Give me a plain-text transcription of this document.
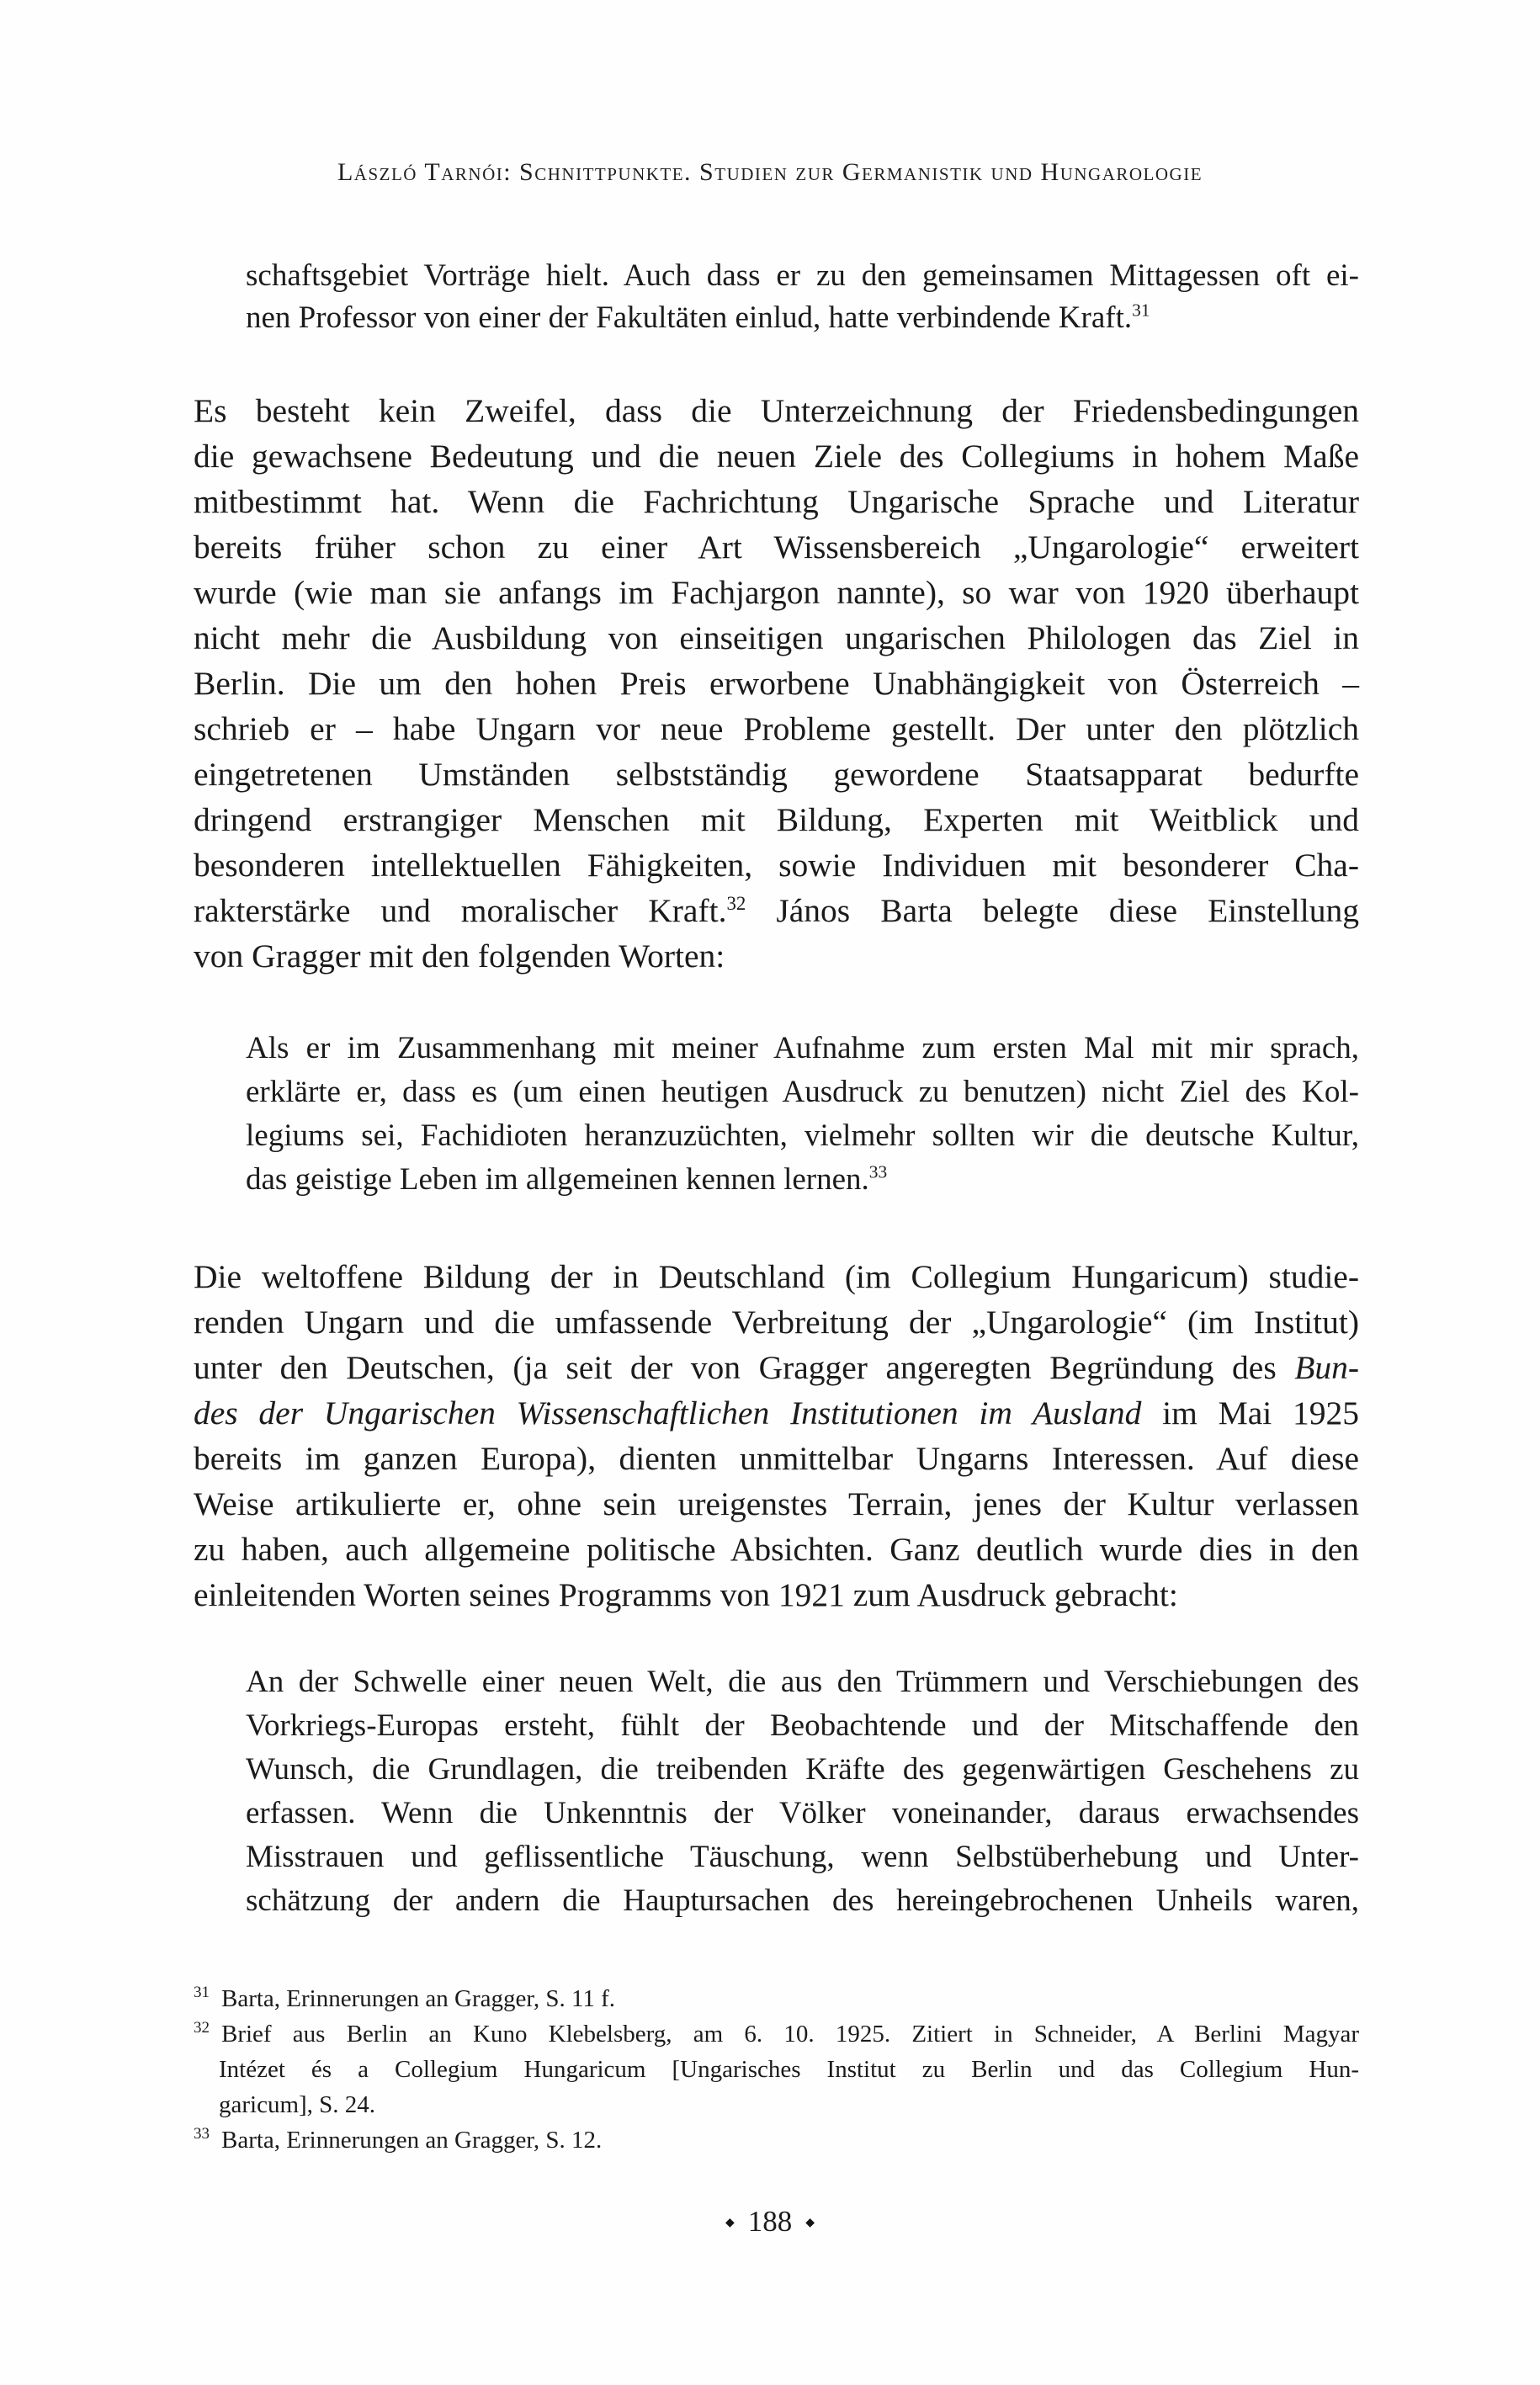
László Tarnói: Schnittpunkte. Studien zur Germanistik und Hungarologie
schaftsgebiet Vorträge hielt. Auch dass er zu den gemeinsamen Mittagessen oft ei-
nen Professor von einer der Fakultäten einlud, hatte verbindende Kraft.$^{31}$
Es besteht kein Zweifel, dass die Unterzeichnung der Friedensbedingungen
die gewachsene Bedeutung und die neuen Ziele des Collegiums in hohem Maße
mitbestimmt hat. Wenn die Fachrichtung Ungarische Sprache und Literatur
bereits früher schon zu einer Art Wissensbereich „Ungarologie“ erweitert
wurde (wie man sie anfangs im Fachjargon nannte), so war von 1920 überhaupt
nicht mehr die Ausbildung von einseitigen ungarischen Philologen das Ziel in
Berlin. Die um den hohen Preis erworbene Unabhängigkeit von Österreich –
schrieb er – habe Ungarn vor neue Probleme gestellt. Der unter den plötzlich
eingetretenen Umständen selbstständig gewordene Staatsapparat bedurfte
dringend erstrangiger Menschen mit Bildung, Experten mit Weitblick und
besonderen intellektuellen Fähigkeiten, sowie Individuen mit besonderer Cha-
rakterstärke und moralischer Kraft.$^{32}$ János Barta belegte diese Einstellung
von Gragger mit den folgenden Worten:
Als er im Zusammenhang mit meiner Aufnahme zum ersten Mal mit mir sprach,
erklärte er, dass es (um einen heutigen Ausdruck zu benutzen) nicht Ziel des Kol-
legiums sei, Fachidioten heranzuzüchten, vielmehr sollten wir die deutsche Kultur,
das geistige Leben im allgemeinen kennen lernen.$^{33}$
Die weltoffene Bildung der in Deutschland (im Collegium Hungaricum) studie-
renden Ungarn und die umfassende Verbreitung der „Ungarologie“ (im Institut)
unter den Deutschen, (ja seit der von Gragger angeregten Begründung des Bun-
des der Ungarischen Wissenschaftlichen Institutionen im Ausland im Mai 1925
bereits im ganzen Europa), dienten unmittelbar Ungarns Interessen. Auf diese
Weise artikulierte er, ohne sein ureigenstes Terrain, jenes der Kultur verlassen
zu haben, auch allgemeine politische Absichten. Ganz deutlich wurde dies in den
einleitenden Worten seines Programms von 1921 zum Ausdruck gebracht:
An der Schwelle einer neuen Welt, die aus den Trümmern und Verschiebungen des
Vorkriegs-Europas ersteht, fühlt der Beobachtende und der Mitschaffende den
Wunsch, die Grundlagen, die treibenden Kräfte des gegenwärtigen Geschehens zu
erfassen. Wenn die Unkenntnis der Völker voneinander, daraus erwachsendes
Misstrauen und geflissentliche Täuschung, wenn Selbstüberhebung und Unter-
schätzung der andern die Hauptursachen des hereingebrochenen Unheils waren,
$^{31}$ Barta, Erinnerungen an Gragger, S. 11 f.
$^{32}$ Brief aus Berlin an Kuno Klebelsberg, am 6. 10. 1925. Zitiert in Schneider, A Berlini Magyar
Intézet és a Collegium Hungaricum [Ungarisches Institut zu Berlin und das Collegium Hun-
garicum], S. 24.
$^{33}$ Barta, Erinnerungen an Gragger, S. 12.
◆ 188 ◆
